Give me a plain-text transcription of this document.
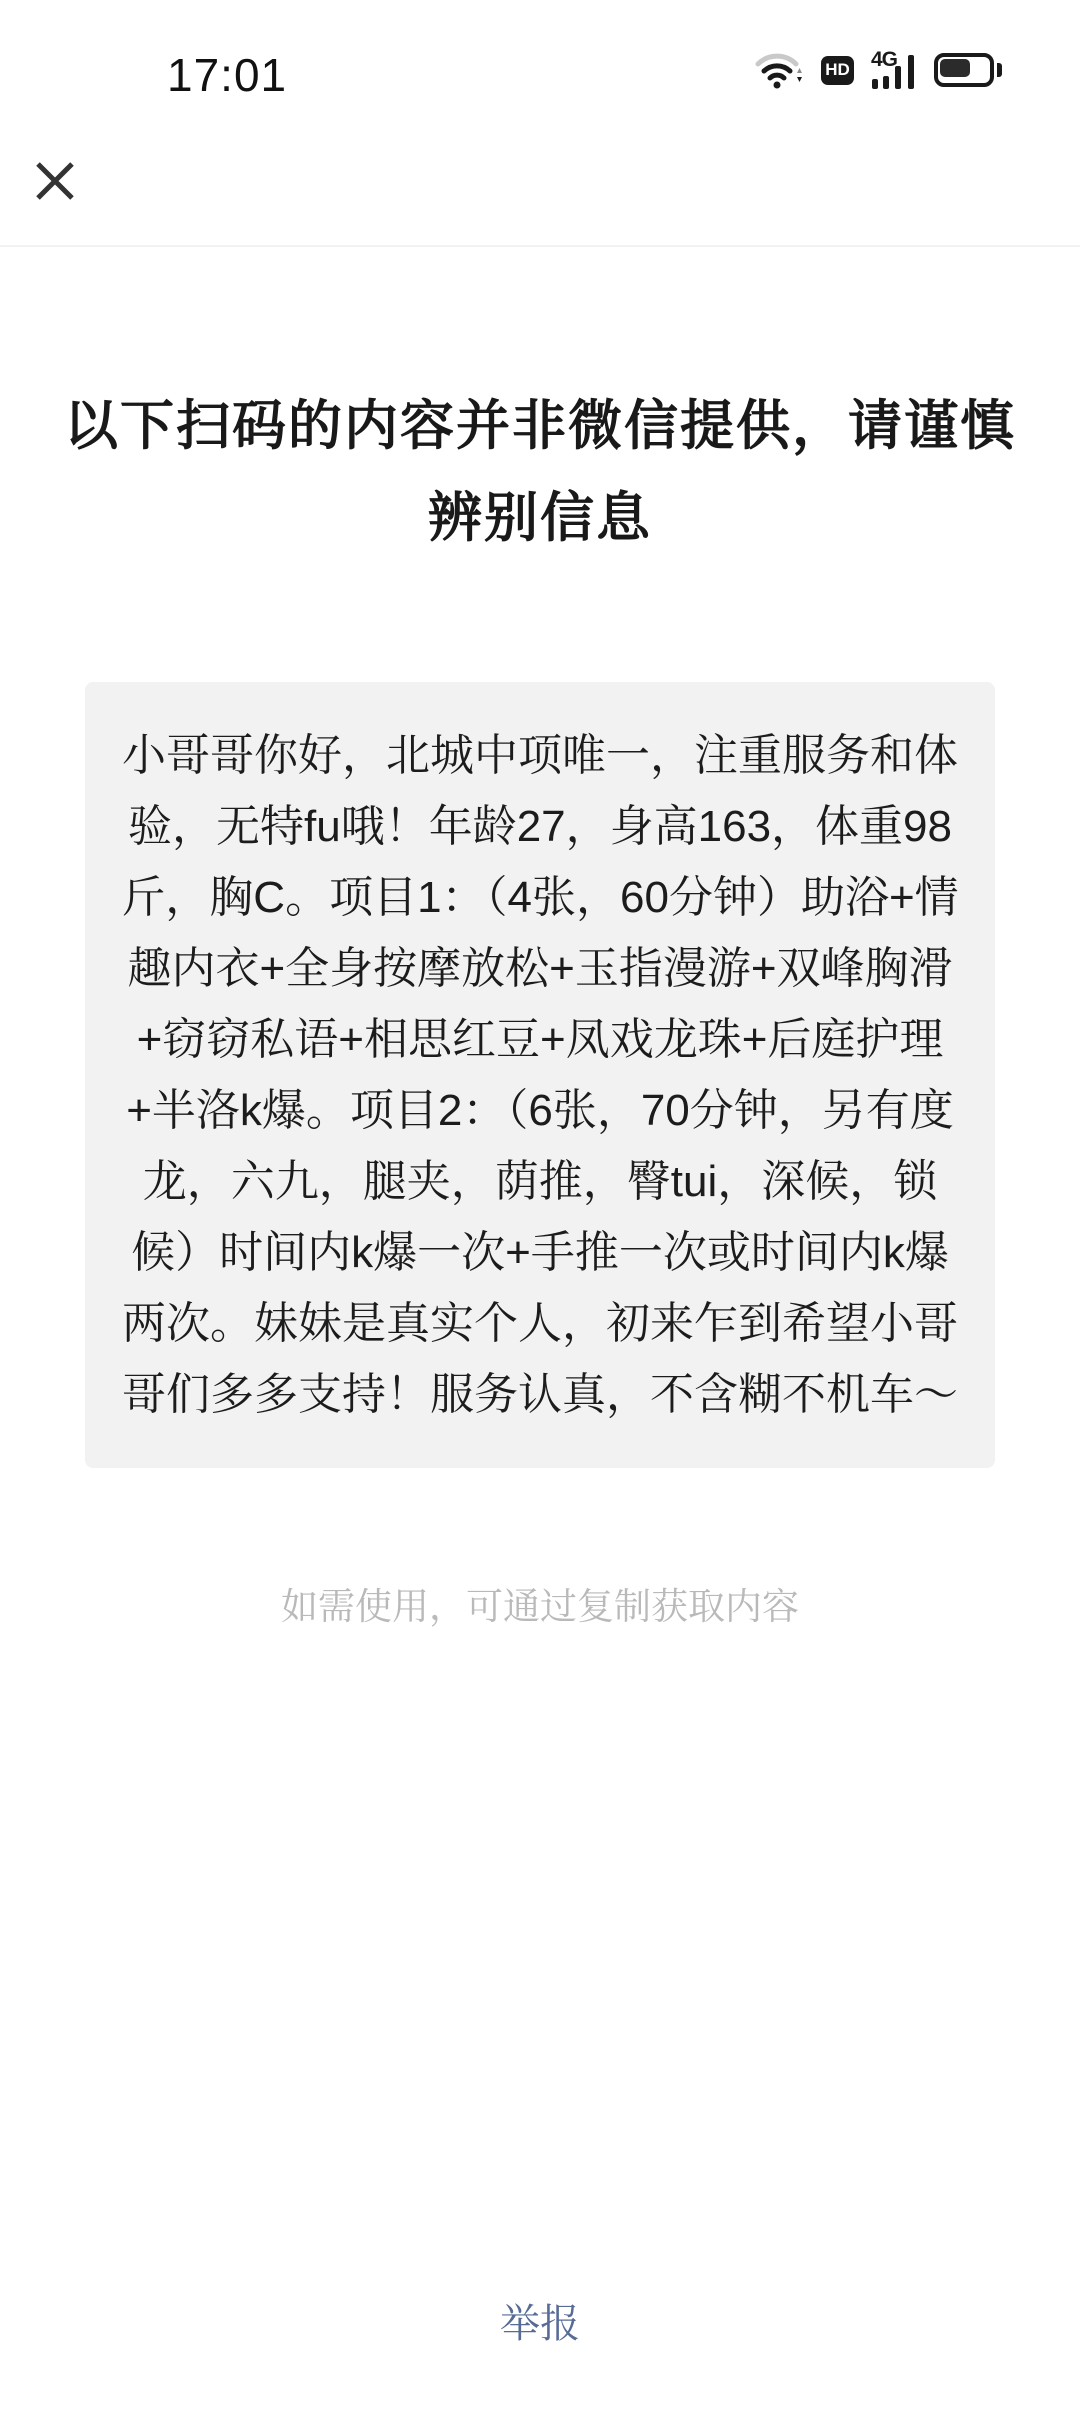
17:01	HD 4G
以下扫码的内容并非微信提供，请谨慎辨别信息
小哥哥你好，北城中项唯一，注重服务和体验，无特fu哦！年龄27，身高163，体重98斤，胸C。项目1：（4张，60分钟）助浴+情趣内衣+全身按摩放松+玉指漫游+双峰胸滑+窃窃私语+相思红豆+凤戏龙珠+后庭护理+半洛k爆。项目2：（6张，70分钟，另有度龙，六九，腿夹，荫推，臀tui，深候，锁候）时间内k爆一次+手推一次或时间内k爆两次。妹妹是真实个人，初来乍到希望小哥哥们多多支持！服务认真，不含糊不机车～
如需使用，可通过复制获取内容
举报
